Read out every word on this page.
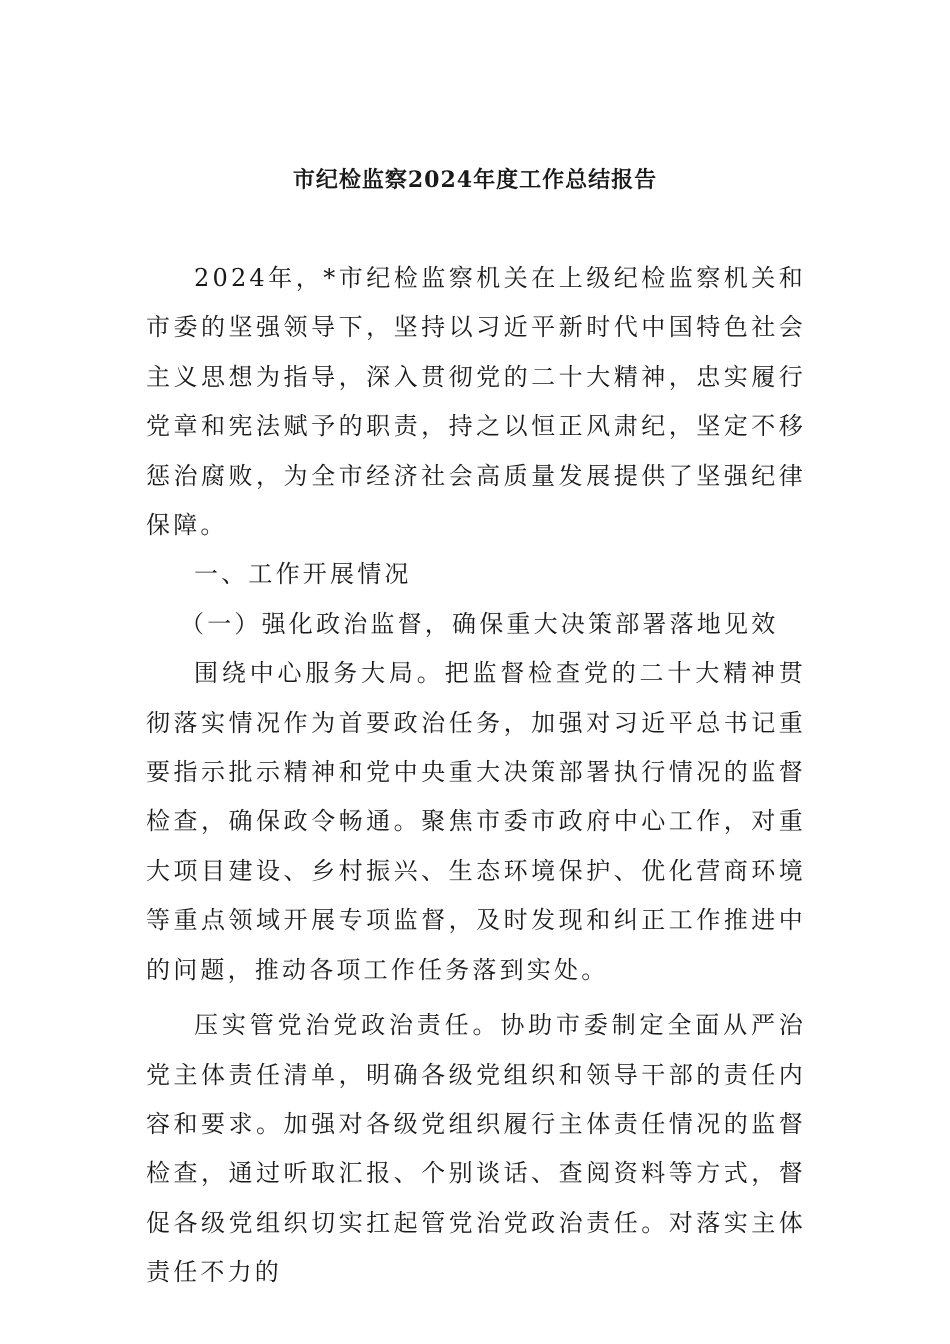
市纪检监察2024年度工作总结报告

2024年，*市纪检监察机关在上级纪检监察机关和市委的坚强领导下，坚持以习近平新时代中国特色社会主义思想为指导，深入贯彻党的二十大精神，忠实履行党章和宪法赋予的职责，持之以恒正风肃纪，坚定不移惩治腐败，为全市经济社会高质量发展提供了坚强纪律保障。

一、工作开展情况

（一）强化政治监督，确保重大决策部署落地见效

围绕中心服务大局。把监督检查党的二十大精神贯彻落实情况作为首要政治任务，加强对习近平总书记重要指示批示精神和党中央重大决策部署执行情况的监督检查，确保政令畅通。聚焦市委市政府中心工作，对重大项目建设、乡村振兴、生态环境保护、优化营商环境等重点领域开展专项监督，及时发现和纠正工作推进中的问题，推动各项工作任务落到实处。

压实管党治党政治责任。协助市委制定全面从严治党主体责任清单，明确各级党组织和领导干部的责任内容和要求。加强对各级党组织履行主体责任情况的监督检查，通过听取汇报、个别谈话、查阅资料等方式，督促各级党组织切实扛起管党治党政治责任。对落实主体责任不力的
